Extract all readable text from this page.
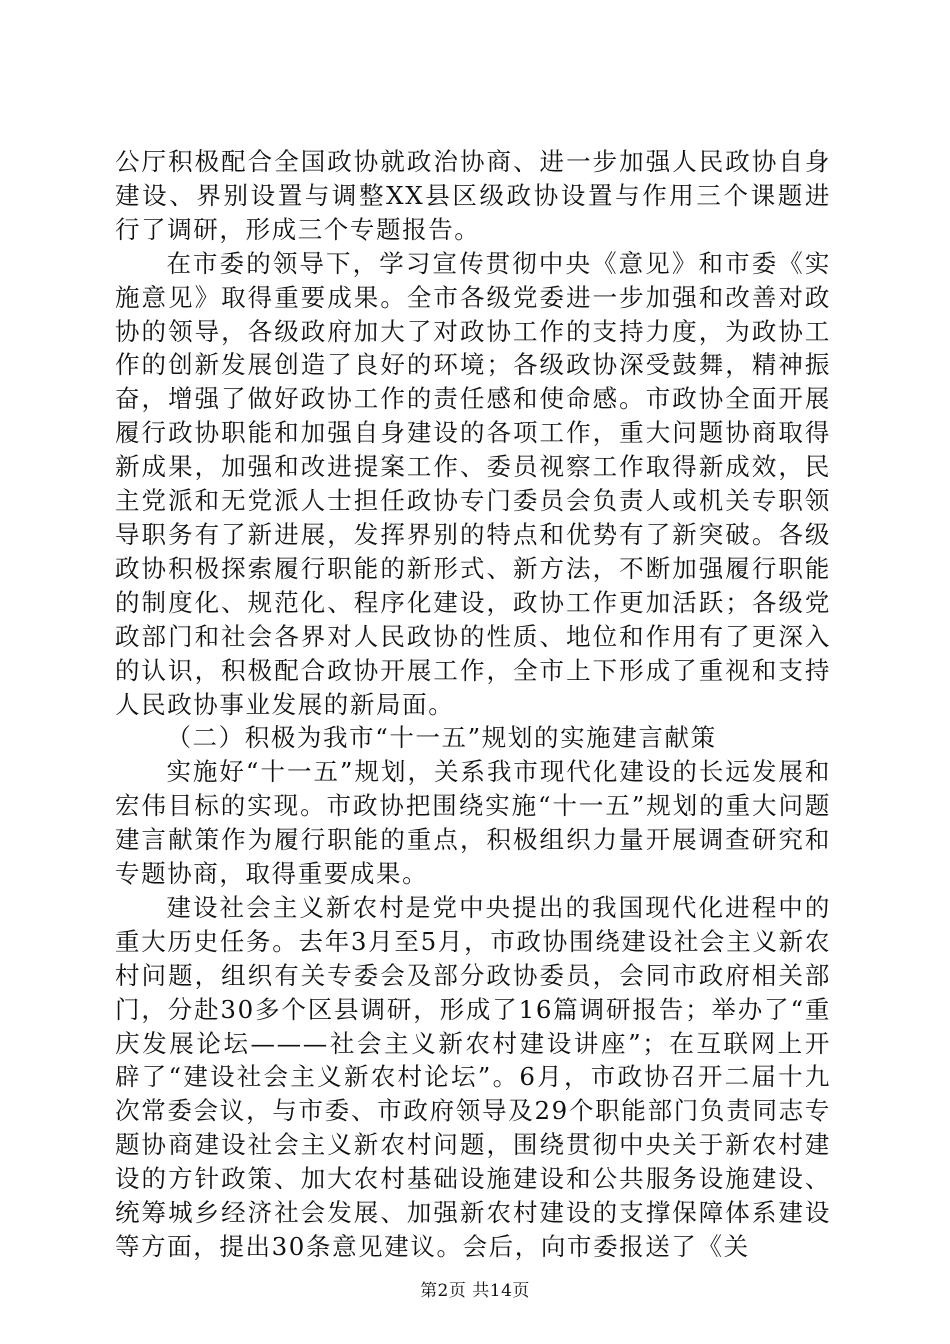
公厅积极配合全国政协就政治协商、进一步加强人民政协自身建设、界别设置与调整XX县区级政协设置与作用三个课题进行了调研，形成三个专题报告。

在市委的领导下，学习宣传贯彻中央《意见》和市委《实施意见》取得重要成果。全市各级党委进一步加强和改善对政协的领导，各级政府加大了对政协工作的支持力度，为政协工作的创新发展创造了良好的环境；各级政协深受鼓舞，精神振奋，增强了做好政协工作的责任感和使命感。市政协全面开展履行政协职能和加强自身建设的各项工作，重大问题协商取得新成果，加强和改进提案工作、委员视察工作取得新成效，民主党派和无党派人士担任政协专门委员会负责人或机关专职领导职务有了新进展，发挥界别的特点和优势有了新突破。各级政协积极探索履行职能的新形式、新方法，不断加强履行职能的制度化、规范化、程序化建设，政协工作更加活跃；各级党政部门和社会各界对人民政协的性质、地位和作用有了更深入的认识，积极配合政协开展工作，全市上下形成了重视和支持人民政协事业发展的新局面。

（二）积极为我市“十一五”规划的实施建言献策

实施好“十一五”规划，关系我市现代化建设的长远发展和宏伟目标的实现。市政协把围绕实施“十一五”规划的重大问题建言献策作为履行职能的重点，积极组织力量开展调查研究和专题协商，取得重要成果。

建设社会主义新农村是党中央提出的我国现代化进程中的重大历史任务。去年3月至5月，市政协围绕建设社会主义新农村问题，组织有关专委会及部分政协委员，会同市政府相关部门，分赴30多个区县调研，形成了16篇调研报告；举办了“重庆发展论坛———社会主义新农村建设讲座”；在互联网上开辟了“建设社会主义新农村论坛”。6月，市政协召开二届十九次常委会议，与市委、市政府领导及29个职能部门负责同志专题协商建设社会主义新农村问题，围绕贯彻中央关于新农村建设的方针政策、加大农村基础设施建设和公共服务设施建设、统筹城乡经济社会发展、加强新农村建设的支撑保障体系建设等方面，提出30条意见建议。会后，向市委报送了《关

第2页 共14页
